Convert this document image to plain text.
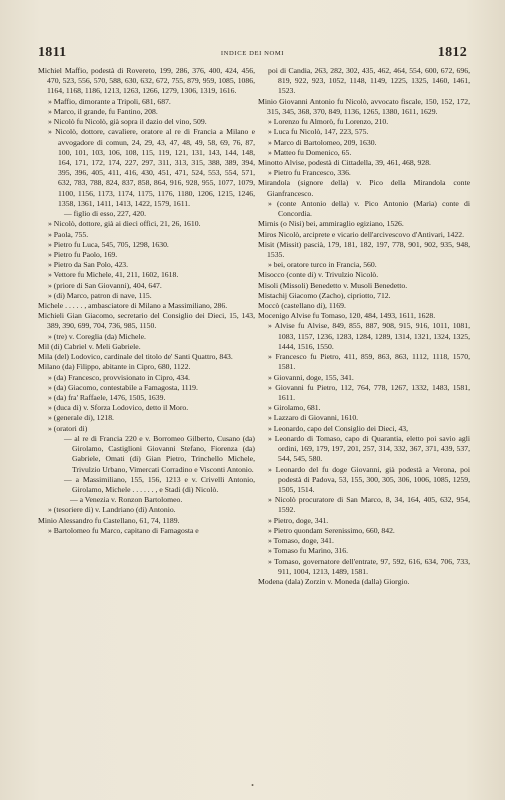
1811	INDICE DEI NOMI	1812

Michiel Maffio, podestà di Rovereto, 199, 286, 376, 400, 424, 456, 470, 523, 556, 570, 588, 630, 632, 672, 755, 879, 959, 1085, 1086, 1164, 1168, 1186, 1213, 1263, 1266, 1279, 1306, 1319, 1616.

» Maffio, dimorante a Tripoli, 681, 687.

» Marco, il grande, fu Fantino, 208.

» Nicolò fu Nicolò, già sopra il dazio del vino, 509.

» Nicolò, dottore, cavaliere, oratore al re di Francia a Milano e avvogadore di comun, 24, 29, 43, 47, 48, 49, 58, 69, 76, 87, 100, 101, 103, 106, 108, 115, 119, 121, 131, 143, 144, 148, 164, 171, 172, 174, 227, 297, 311, 313, 315, 388, 389, 394, 395, 396, 405, 411, 416, 430, 451, 471, 524, 553, 554, 571, 632, 783, 788, 824, 837, 858, 864, 916, 928, 955, 1077, 1079, 1100, 1156, 1173, 1174, 1175, 1176, 1180, 1206, 1215, 1246, 1358, 1361, 1411, 1413, 1422, 1579, 1611.

— figlio di esso, 227, 420.

» Nicolò, dottore, già ai dieci offici, 21, 26, 1610.

» Paola, 755.

» Pietro fu Luca, 545, 705, 1298, 1630.

» Pietro fu Paolo, 169.

» Pietro da San Polo, 423.

» Vettore fu Michele, 41, 211, 1602, 1618.

» (priore di San Giovanni), 404, 647.

» (di) Marco, patron di nave, 115.

Michele . . . . . , ambasciatore di Milano a Massimiliano, 286.

Michieli Gian Giacomo, secretario del Consiglio dei Dieci, 15, 143, 389, 390, 699, 704, 736, 985, 1150.

» (tre) v. Coreglia (da) Michele.

Mil (di) Cabriel v. Meli Gabriele.

Mila (del) Lodovico, cardinale del titolo de' Santi Quattro, 843.

Milano (da) Filippo, abitante in Cipro, 680, 1122.

» (da) Francesco, provvisionato in Cipro, 434.

» (da) Giacomo, contestabile a Famagosta, 1119.

» (da) fra' Raffaele, 1476, 1505, 1639.

» (duca di) v. Sforza Lodovico, detto il Moro.

» (generale di), 1218.

» (oratori di)

— al re di Francia 220 e v. Borromeo Gilberto, Cusano (da) Girolamo, Castiglioni Giovanni Stefano, Fiorenza (da) Gabriele, Omati (di) Gian Pietro, Trinchello Michele, Trivulzio Urbano, Vimercati Corradino e Visconti Antonio.

— a Massimiliano, 155, 156, 1213 e v. Crivelli Antonio, Girolamo, Michele . . . . . . , e Stadi (di) Nicolò.

— a Venezia v. Ronzon Bartolomeo.

» (tesoriere di) v. Landriano (di) Antonio.

Minio Alessandro fu Castellano, 61, 74, 1189.

» Bartolomeo fu Marco, capitano di Famagosta e

poi di Candia, 263, 282, 302, 435, 462, 464, 554, 600, 672, 696, 819, 922, 923, 1052, 1148, 1149, 1225, 1325, 1460, 1461, 1523.

Minio Giovanni Antonio fu Nicolò, avvocato fiscale, 150, 152, 172, 315, 345, 368, 370, 849, 1136, 1265, 1380, 1611, 1629.

» Lorenzo fu Almorò, fu Lorenzo, 210.

» Luca fu Nicolò, 147, 223, 575.

» Marco di Bartolomeo, 209, 1630.

» Matteo fu Domenico, 65.

Minotto Alvise, podestà di Cittadella, 39, 461, 468, 928.

» Pietro fu Francesco, 336.

Mirandola (signore della) v. Pico della Mirandola conte Gianfrancesco.

» (conte Antonio della) v. Pico Antonio (Maria) conte di Concordia.

Mirnis (o Nisi) bei, ammiraglio egiziano, 1526.

Miros Nicolò, arciprete e vicario dell'arcivescovo d'Antivari, 1422.

Misit (Missit) pascià, 179, 181, 182, 197, 778, 901, 902, 935, 948, 1535.

» bei, oratore turco in Francia, 560.

Misocco (conte di) v. Trivulzio Nicolò.

Misoli (Missoli) Benedetto v. Musoli Benedetto.

Mistachij Giacomo (Zacho), cipriotto, 712.

Moccò (castellano di), 1169.

Mocenigo Alvise fu Tomaso, 120, 484, 1493, 1611, 1628.

» Alvise fu Alvise, 849, 855, 887, 908, 915, 916, 1011, 1081, 1083, 1157, 1236, 1283, 1284, 1289, 1314, 1321, 1324, 1325, 1444, 1516, 1550.

» Francesco fu Pietro, 411, 859, 863, 863, 1112, 1118, 1570, 1581.

» Giovanni, doge, 155, 341.

» Giovanni fu Pietro, 112, 764, 778, 1267, 1332, 1483, 1581, 1611.

» Girolamo, 681.

» Lazzaro di Giovanni, 1610.

» Leonardo, capo del Consiglio dei Dieci, 43,

» Leonardo di Tomaso, capo di Quarantia, eletto poi savio agli ordini, 169, 179, 197, 201, 257, 314, 332, 367, 371, 439, 537, 544, 545, 580.

» Leonardo del fu doge Giovanni, già podestà a Verona, poi podestà di Padova, 53, 155, 300, 305, 306, 1006, 1085, 1259, 1505, 1514.

» Nicolò procuratore di San Marco, 8, 34, 164, 405, 632, 954, 1592.

» Pietro, doge, 341.

» Pietro quondam Serenissimo, 660, 842.

» Tomaso, doge, 341.

» Tomaso fu Marino, 316.

» Tomaso, governatore dell'entrate, 97, 592, 616, 634, 706, 733, 911, 1004, 1213, 1489, 1581.

Modena (dala) Zorzin v. Moneda (dalla) Giorgio.

•
